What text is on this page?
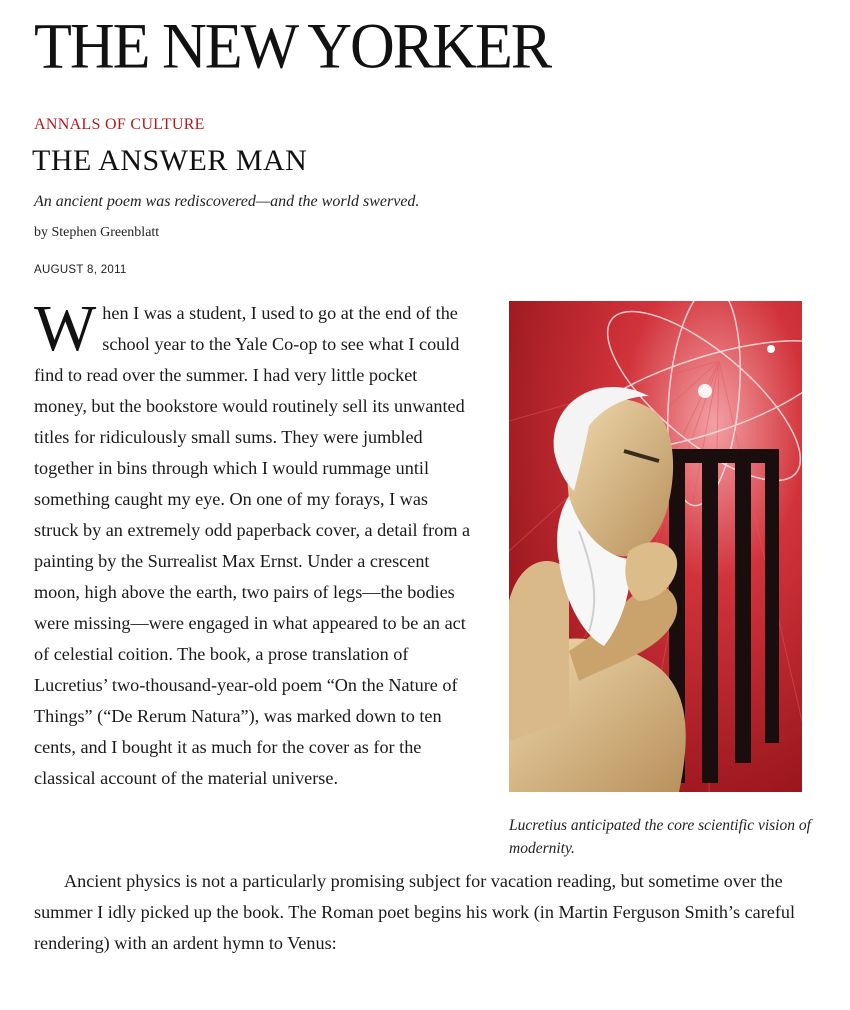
THE NEW YORKER
ANNALS OF CULTURE
THE ANSWER MAN
An ancient poem was rediscovered—and the world swerved.
by Stephen Greenblatt
AUGUST 8, 2011

When I was a student, I used to go at the end of the school year to the Yale Co-op to see what I could find to read over the summer. I had very little pocket money, but the bookstore would routinely sell its unwanted titles for ridiculously small sums. They were jumbled together in bins through which I would rummage until something caught my eye. On one of my forays, I was struck by an extremely odd paperback cover, a detail from a painting by the Surrealist Max Ernst. Under a crescent moon, high above the earth, two pairs of legs—the bodies were missing—were engaged in what appeared to be an act of celestial coition. The book, a prose translation of Lucretius’ two-thousand-year-old poem “On the Nature of Things” (“De Rerum Natura”), was marked down to ten cents, and I bought it as much for the cover as for the classical account of the material universe.

Ancient physics is not a particularly promising subject for vacation reading, but sometime over the summer I idly picked up the book. The Roman poet begins his work (in Martin Ferguson Smith’s careful rendering) with an ardent hymn to Venus:

Lucretius anticipated the core scientific vision of modernity.
